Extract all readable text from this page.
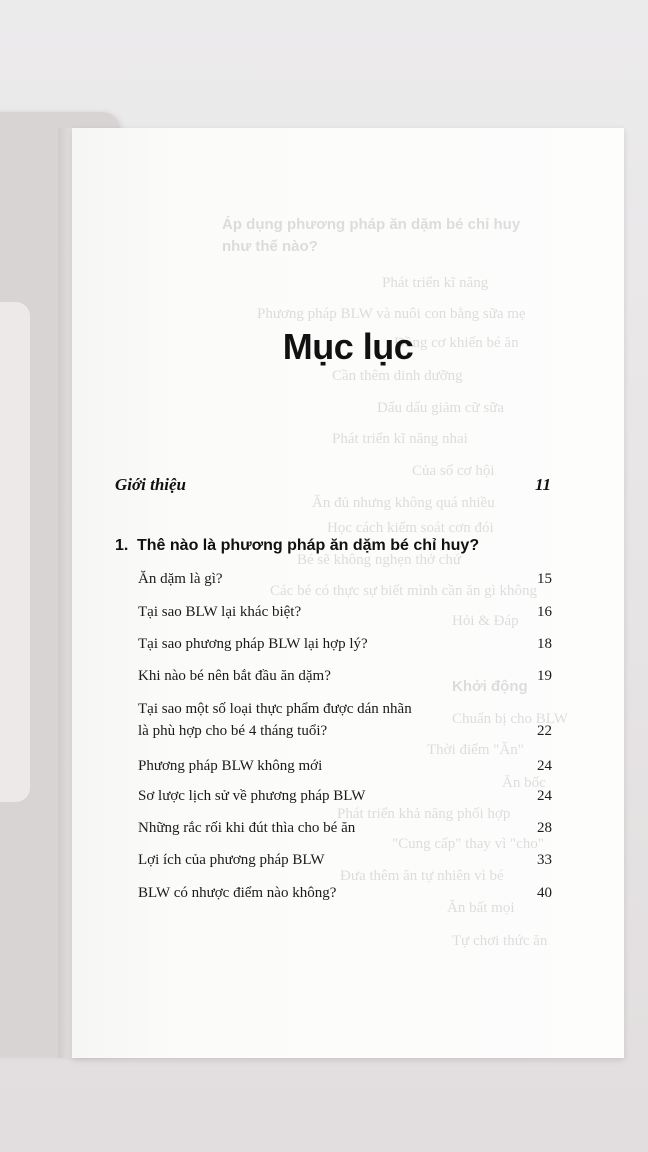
Áp dụng phương pháp ăn dặm bé chỉ huy
như thế nào?
Phát triển kĩ năng
Phương pháp BLW và nuôi con bằng sữa mẹ
Đồng cơ khiến bé ăn
Cần thêm dinh dưỡng
Dấu dấu giảm cữ sữa
Phát triển kĩ năng nhai
Của số cơ hội
Ăn đủ nhưng không quá nhiều
Học cách kiểm soát cơn đói
Bé sẽ không nghẹn thở chứ
Các bé có thực sự biết mình cần ăn gì không
Hỏi & Đáp
Khởi động
Chuẩn bị cho BLW
Thời điểm "Ăn"
Ăn bốc
Phát triển khả năng phối hợp
"Cung cấp" thay vì "cho"
Đưa thêm ăn tự nhiên vì bé
Ăn bất mọi
Tự chơi thức ăn
Mục lục
Giới thiệu	11
1. Thê nào là phương pháp ăn dặm bé chỉ huy?
Ăn dặm là gì?	15
Tại sao BLW lại khác biệt?	16
Tại sao phương pháp BLW lại hợp lý?	18
Khi nào bé nên bắt đầu ăn dặm?	19
Tại sao một số loại thực phẩm được dán nhãn
là phù hợp cho bé 4 tháng tuổi?	22
Phương pháp BLW không mới	24
Sơ lược lịch sử về phương pháp BLW	24
Những rắc rối khi đút thìa cho bé ăn	28
Lợi ích của phương pháp BLW	33
BLW có nhược điểm nào không?	40
